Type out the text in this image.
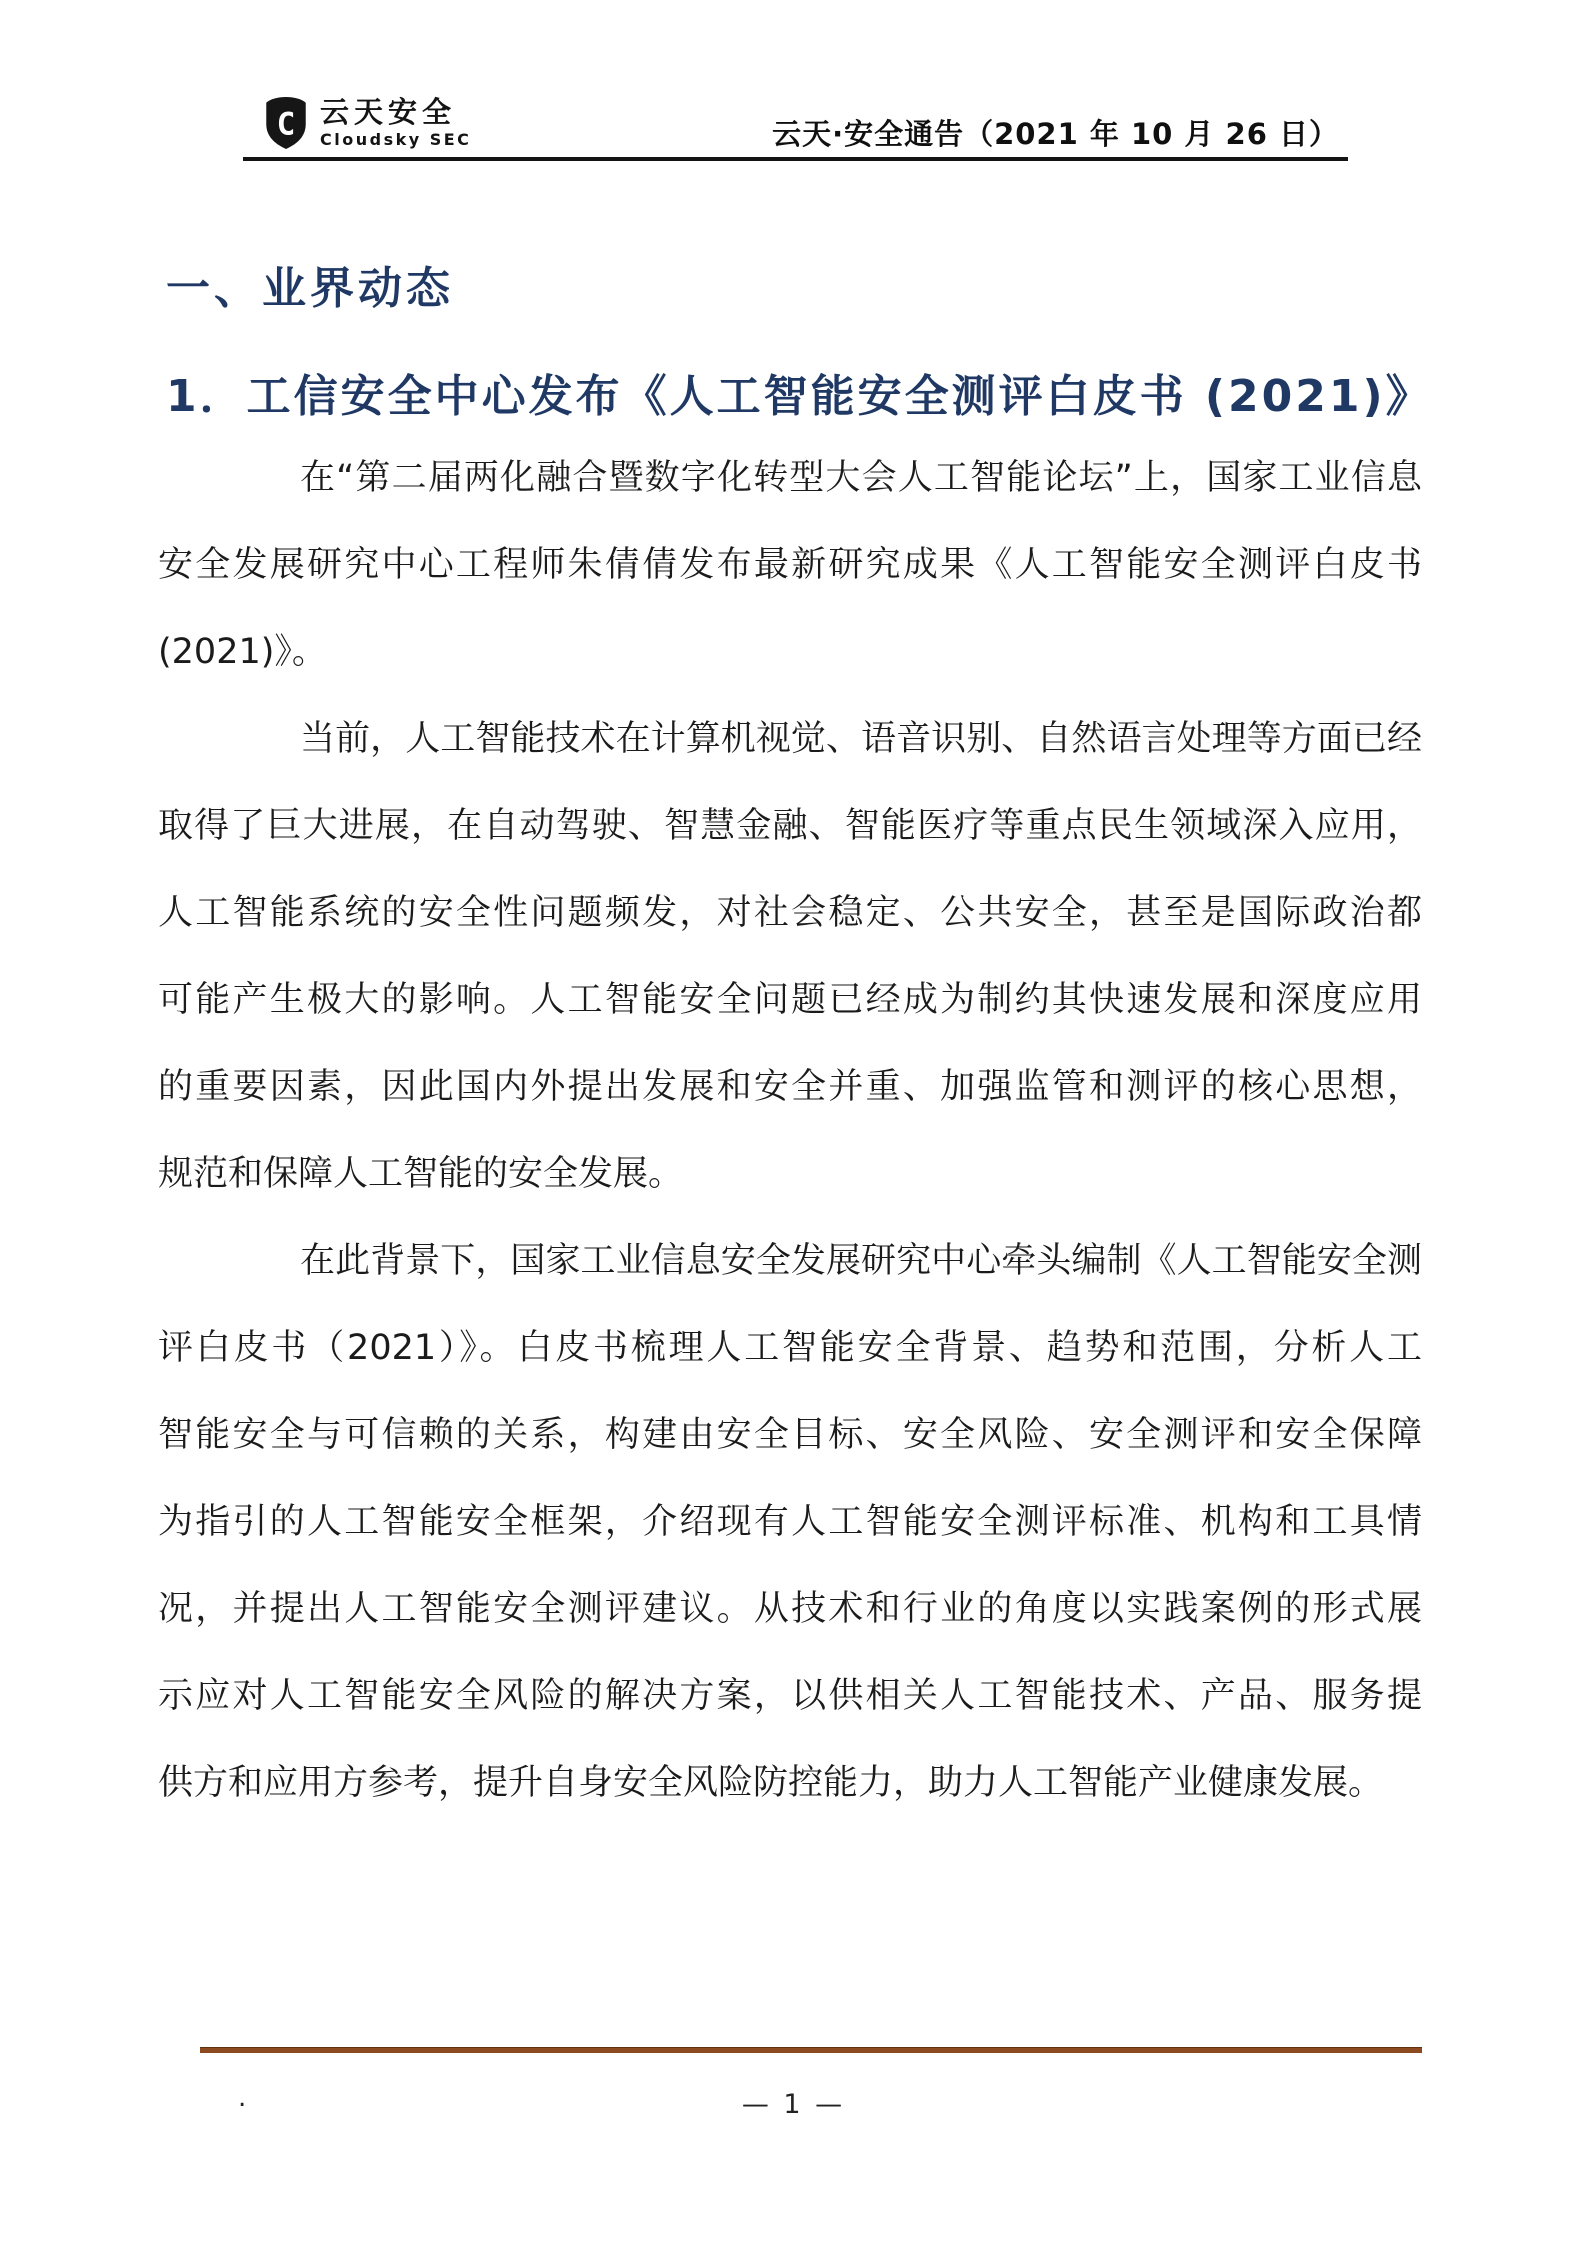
C 云天安全
Cloudsky SEC	云天·安全通告（2021 年 10 月 26 日）
一、业界动态
1．工信安全中心发布《人工智能安全测评白皮书 (2021)》
在“第二届两化融合暨数字化转型大会人工智能论坛”上，国家工业信息
安全发展研究中心工程师朱倩倩发布最新研究成果《人工智能安全测评白皮书
(2021)》。
当前，人工智能技术在计算机视觉、语音识别、自然语言处理等方面已经
取得了巨大进展，在自动驾驶、智慧金融、智能医疗等重点民生领域深入应用，
人工智能系统的安全性问题频发，对社会稳定、公共安全，甚至是国际政治都
可能产生极大的影响。人工智能安全问题已经成为制约其快速发展和深度应用
的重要因素，因此国内外提出发展和安全并重、加强监管和测评的核心思想，
规范和保障人工智能的安全发展。
在此背景下，国家工业信息安全发展研究中心牵头编制《人工智能安全测
评白皮书（2021）》。白皮书梳理人工智能安全背景、趋势和范围，分析人工
智能安全与可信赖的关系，构建由安全目标、安全风险、安全测评和安全保障
为指引的人工智能安全框架，介绍现有人工智能安全测评标准、机构和工具情
况，并提出人工智能安全测评建议。从技术和行业的角度以实践案例的形式展
示应对人工智能安全风险的解决方案，以供相关人工智能技术、产品、服务提
供方和应用方参考，提升自身安全风险防控能力，助力人工智能产业健康发展。
.	— 1 —
